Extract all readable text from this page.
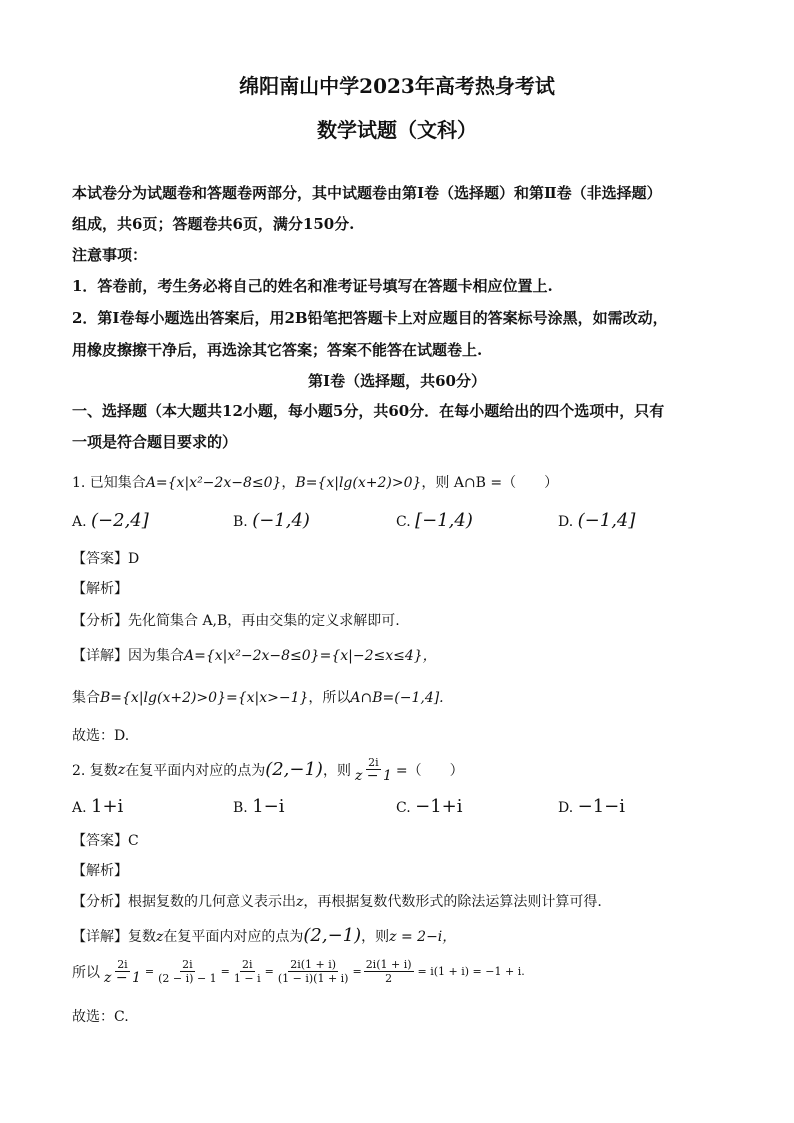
绵阳南山中学2023年高考热身考试
数学试题（文科）
本试卷分为试题卷和答题卷两部分，其中试题卷由第Ⅰ卷（选择题）和第Ⅱ卷（非选择题）
组成，共6页；答题卷共6页，满分150分.
注意事项：
1．答卷前，考生务必将自己的姓名和准考证号填写在答题卡相应位置上.
2．第Ⅰ卷每小题选出答案后，用2B铅笔把答题卡上对应题目的答案标号涂黑，如需改动，
用橡皮擦擦干净后，再选涂其它答案；答案不能答在试题卷上.
第Ⅰ卷（选择题，共60分）
一、选择题（本大题共12小题，每小题5分，共60分．在每小题给出的四个选项中，只有
一项是符合题目要求的）
1. 已知集合A={x|x²−2x−8≤0}，B={x|lg(x+2)>0}，则 A∩B =（　　）
A. (−2,4]	B. (−1,4)	C. [−1,4)	D. (−1,4]
【答案】D
【解析】
【分析】先化简集合 A,B，再由交集的定义求解即可.
【详解】因为集合A={x|x²−2x−8≤0}={x|−2≤x≤4}，
集合B={x|lg(x+2)>0}={x|x>−1}，所以A∩B=(−1,4].
故选：D.
2. 复数 z 在复平面内对应的点为 (2,−1) ，则 $\frac{2i}{z - 1}$ =（　　）
A. 1+i	B. 1−i	C. −1+i	D. −1−i
【答案】C
【解析】
【分析】根据复数的几何意义表示出z，再根据复数代数形式的除法运算法则计算可得.
【详解】复数z在复平面内对应的点为(2,−1)，则z = 2−i，
所以 $\frac{2i}{z - 1} = \frac{2i}{(2 - i) - 1} = \frac{2i}{1 - i} = \frac{2i(1 + i)}{(1 - i)(1 + i)} = \frac{2i(1 + i)}{2} = i(1 + i) = -1 + i$.
故选：C.
